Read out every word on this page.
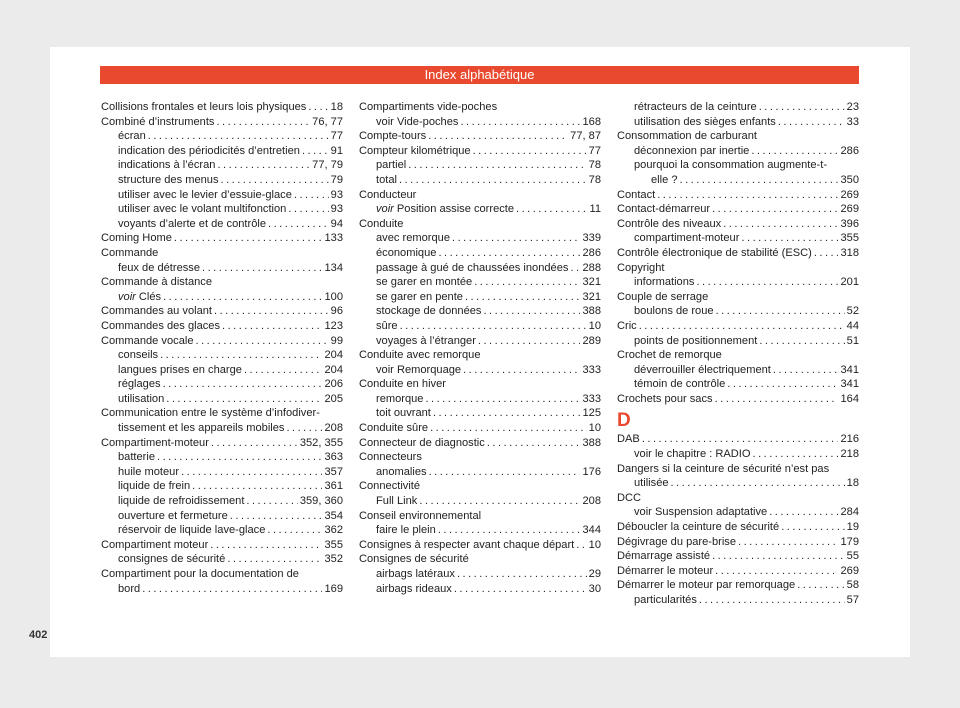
Index alphabétique
Collisions frontales et leurs lois physiques . . . 18
Combiné d’instruments . . .	76, 77
écran . . .	77
indication des périodicités d’entretien . . .	91
indications à l’écran . . .	77, 79
structure des menus . . .	79
utiliser avec le levier d’essuie-glace . . .	93
utiliser avec le volant multifonction . . .	93
voyants d’alerte et de contrôle . . .	94
Coming Home . . .	133
Commande
feux de détresse . . .	134
Commande à distance
voir Clés . . .	100
Commandes au volant . . .	96
Commandes des glaces . . .	123
Commande vocale . . .	99
conseils . . .	204
langues prises en charge . . .	204
réglages . . .	206
utilisation . . .	205
Communication entre le système d’infodiver-
tissement et les appareils mobiles . . .	208
Compartiment-moteur . . .	352, 355
batterie . . .	363
huile moteur . . .	357
liquide de frein . . .	361
liquide de refroidissement . . .	359, 360
ouverture et fermeture . . .	354
réservoir de liquide lave-glace . . .	362
Compartiment moteur . . .	355
consignes de sécurité . . .	352
Compartiment pour la documentation de
bord . . .	169
Compartiments vide-poches
voir Vide-poches . . .	168
Compte-tours . . .	77, 87
Compteur kilométrique . . .	77
partiel . . .	78
total . . .	78
Conducteur
voir Position assise correcte . . .	11
Conduite
avec remorque . . .	339
économique . . .	286
passage à gué de chaussées inondées . . . 288
se garer en montée . . .	321
se garer en pente . . .	321
stockage de données . . .	388
sûre . . .	10
voyages à l’étranger . . .	289
Conduite avec remorque
voir Remorquage . . .	333
Conduite en hiver
remorque . . .	333
toit ouvrant . . .	125
Conduite sûre . . .	10
Connecteur de diagnostic . . .	388
Connecteurs
anomalies . . .	176
Connectivité
Full Link . . .	208
Conseil environnemental
faire le plein . . .	344
Consignes à respecter avant chaque départ . . . 10
Consignes de sécurité
airbags latéraux . . .	29
airbags rideaux . . .	30
rétracteurs de la ceinture . . .	23
utilisation des sièges enfants . . .	33
Consommation de carburant
déconnexion par inertie . . .	286
pourquoi la consommation augmente-t-
elle ? . . .	350
Contact . . .	269
Contact-démarreur . . .	269
Contrôle des niveaux . . .	396
compartiment-moteur . . .	355
Contrôle électronique de stabilité (ESC) . . .	318
Copyright
informations . . .	201
Couple de serrage
boulons de roue . . .	52
Cric . . .	44
points de positionnement . . .	51
Crochet de remorque
déverrouiller électriquement . . .	341
témoin de contrôle . . .	341
Crochets pour sacs . . .	164
D
DAB . . .	216
voir le chapitre : RADIO . . .	218
Dangers si la ceinture de sécurité n’est pas
utilisée . . .	18
DCC
voir Suspension adaptative . . .	284
Déboucler la ceinture de sécurité . . .	19
Dégivrage du pare-brise . . .	179
Démarrage assisté . . .	55
Démarrer le moteur . . .	269
Démarrer le moteur par remorquage . . .	58
particularités . . .	57
402
